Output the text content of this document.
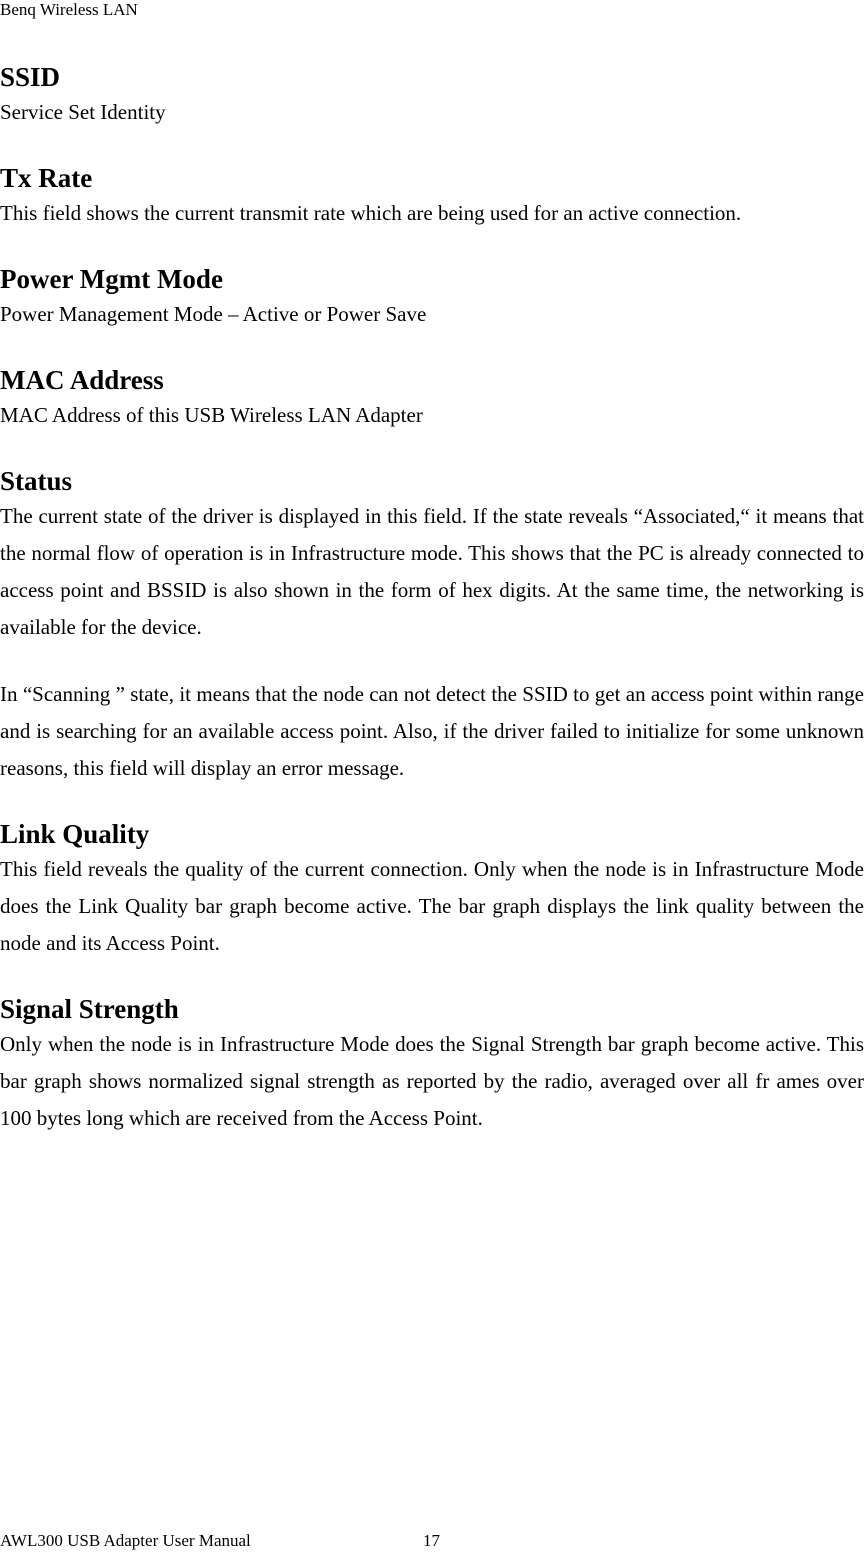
Benq Wireless LAN
SSID

Service Set Identity

Tx Rate

This field shows the current transmit rate which are being used for an active connection.

Power Mgmt Mode

Power Management Mode – Active or Power Save

MAC Address

MAC Address of this USB Wireless LAN Adapter

Status

The current state of the driver is displayed in this field. If the state reveals “Associated,“ it means that the normal flow of operation is in Infrastructure mode. This shows that the PC is already connected to access point and BSSID is also shown in the form of hex digits. At the same time, the networking is available for the device.

In “Scanning ” state, it means that the node can not detect the SSID to get an access point within range and is searching for an available access point. Also, if the driver failed to initialize for some unknown reasons, this field will display an error message.

Link Quality

This field reveals the quality of the current connection. Only when the node is in Infrastructure Mode does the Link Quality bar graph become active. The bar graph displays the link quality between the node and its Access Point.

Signal Strength

Only when the node is in Infrastructure Mode does the Signal Strength bar graph become active. This bar graph shows normalized signal strength as reported by the radio, averaged over all fr ames over 100 bytes long which are received from the Access Point.

AWL300 USB Adapter User Manual	17
